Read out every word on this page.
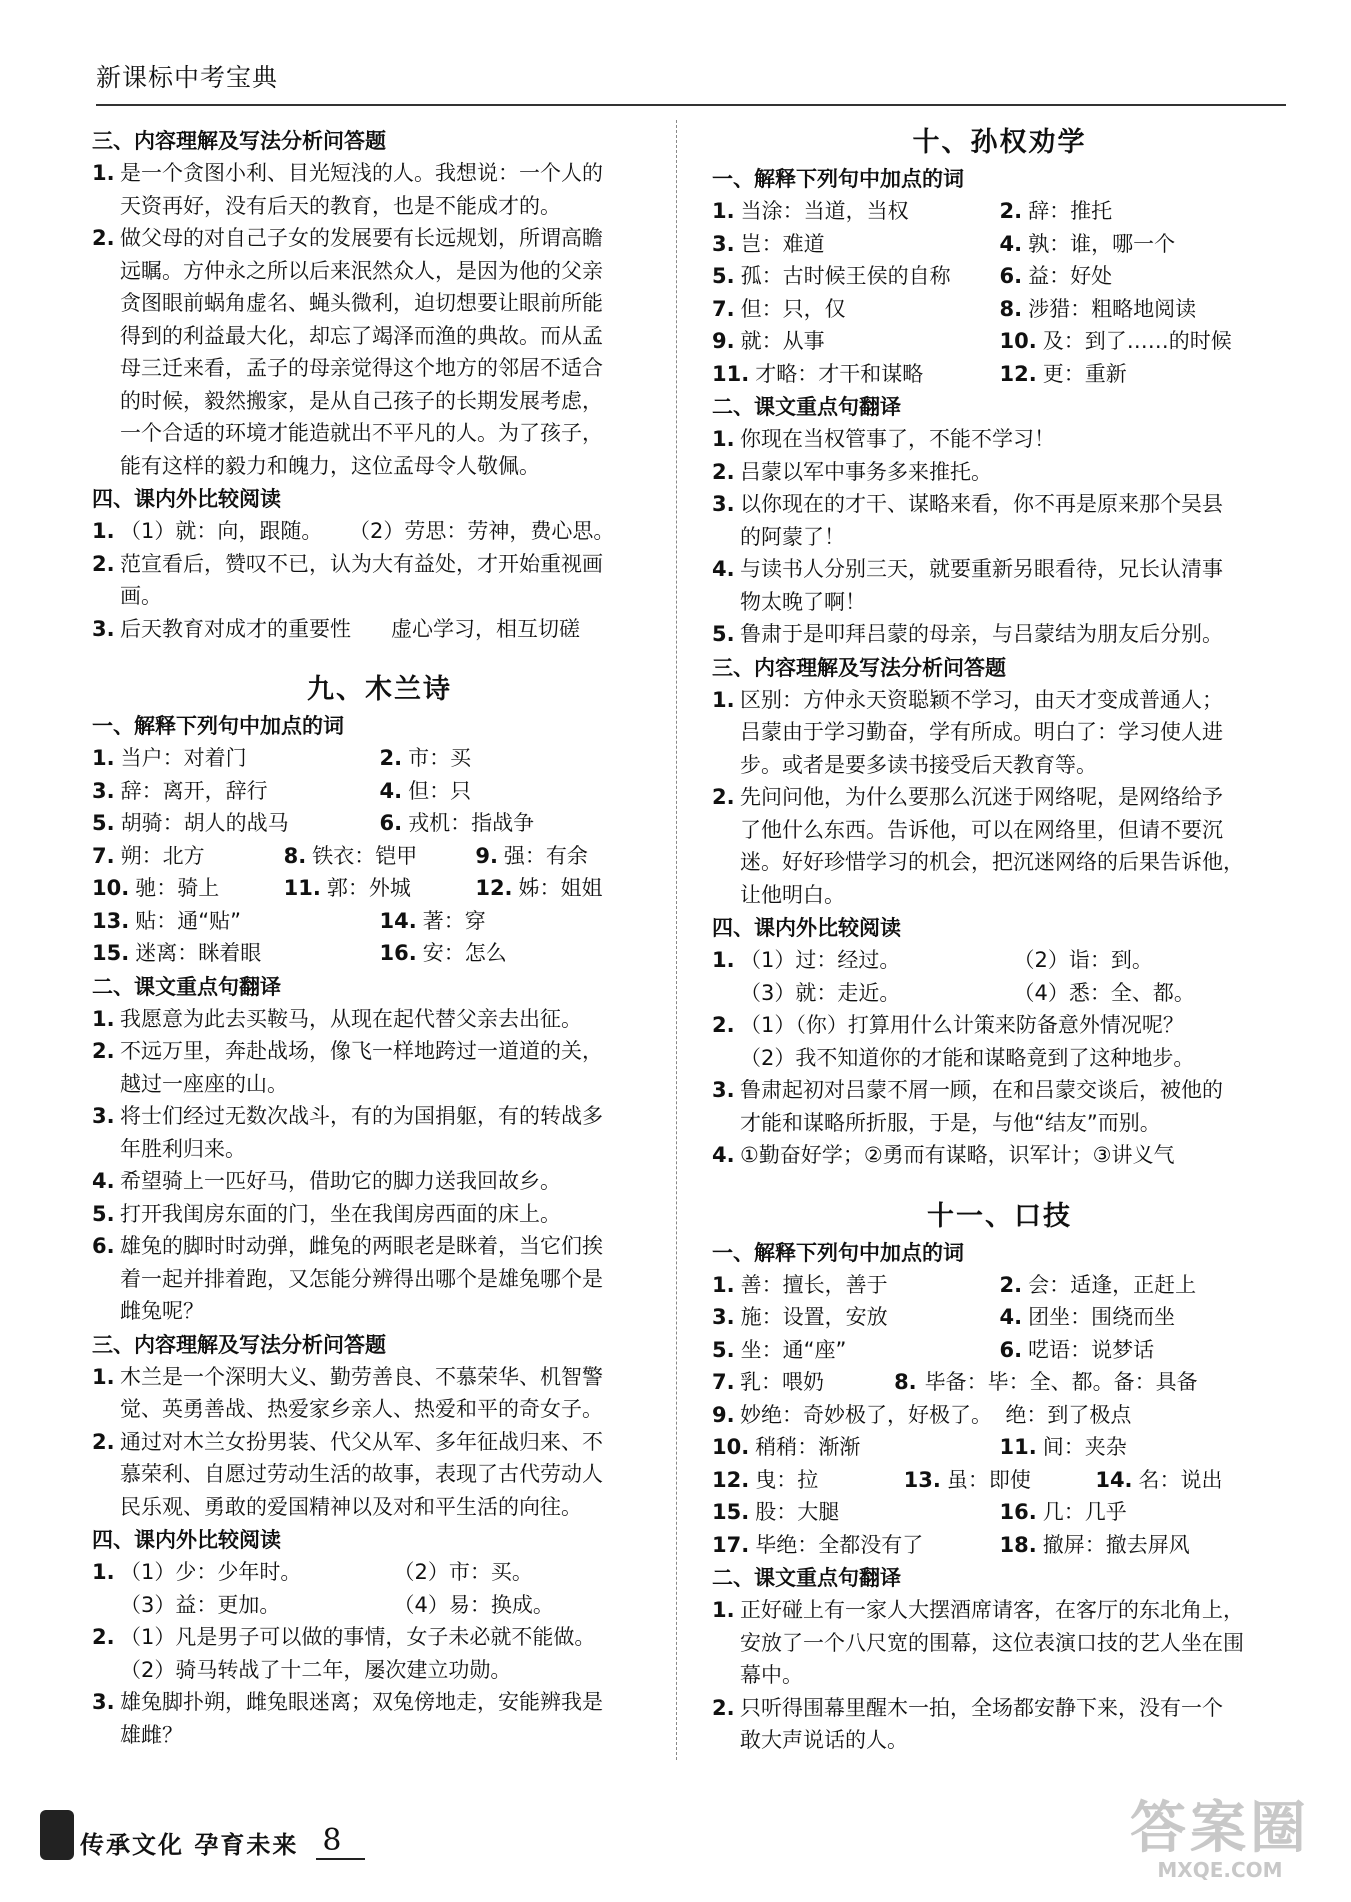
新课标中考宝典
三、内容理解及写法分析问答题
1. 是一个贪图小利、目光短浅的人。我想说：一个人的
天资再好，没有后天的教育，也是不能成才的。
2. 做父母的对自己子女的发展要有长远规划，所谓高瞻
远瞩。方仲永之所以后来泯然众人，是因为他的父亲
贪图眼前蜗角虚名、蝇头微利，迫切想要让眼前所能
得到的利益最大化，却忘了竭泽而渔的典故。而从孟
母三迁来看，孟子的母亲觉得这个地方的邻居不适合
的时候，毅然搬家，是从自己孩子的长期发展考虑，
一个合适的环境才能造就出不平凡的人。为了孩子，
能有这样的毅力和魄力，这位孟母令人敬佩。
四、课内外比较阅读
1. （1）就：向，跟随。    （2）劳思：劳神，费心思。
2. 范宣看后，赞叹不已，认为大有益处，才开始重视画
画。
3. 后天教育对成才的重要性      虚心学习，相互切磋
九、木兰诗
一、解释下列句中加点的词
1. 当户：对着门	2. 市：买
3. 辞：离开，辞行	4. 但：只
5. 胡骑：胡人的战马	6. 戎机：指战争
7. 朔：北方	8. 铁衣：铠甲	9. 强：有余
10. 驰：骑上	11. 郭：外城	12. 姊：姐姐
13. 贴：通“贴”	14. 著：穿
15. 迷离：眯着眼	16. 安：怎么
二、课文重点句翻译
1. 我愿意为此去买鞍马，从现在起代替父亲去出征。
2. 不远万里，奔赴战场，像飞一样地跨过一道道的关，
越过一座座的山。
3. 将士们经过无数次战斗，有的为国捐躯，有的转战多
年胜利归来。
4. 希望骑上一匹好马，借助它的脚力送我回故乡。
5. 打开我闺房东面的门，坐在我闺房西面的床上。
6. 雄兔的脚时时动弹，雌兔的两眼老是眯着，当它们挨
着一起并排着跑，又怎能分辨得出哪个是雄兔哪个是
雌兔呢？
三、内容理解及写法分析问答题
1. 木兰是一个深明大义、勤劳善良、不慕荣华、机智警
觉、英勇善战、热爱家乡亲人、热爱和平的奇女子。
2. 通过对木兰女扮男装、代父从军、多年征战归来、不
慕荣利、自愿过劳动生活的故事，表现了古代劳动人
民乐观、勇敢的爱国精神以及对和平生活的向往。
四、课内外比较阅读
1. （1）少：少年时。	（2）市：买。
（3）益：更加。	（4）易：换成。
2. （1）凡是男子可以做的事情，女子未必就不能做。
（2）骑马转战了十二年，屡次建立功勋。
3. 雄兔脚扑朔，雌兔眼迷离；双兔傍地走，安能辨我是
雄雌？
十、孙权劝学
一、解释下列句中加点的词
1. 当涂：当道，当权	2. 辞：推托
3. 岂：难道	4. 孰：谁，哪一个
5. 孤：古时候王侯的自称 6. 益：好处
7. 但：只，仅	8. 涉猎：粗略地阅读
9. 就：从事	10. 及：到了……的时候
11. 才略：才干和谋略	12. 更：重新
二、课文重点句翻译
1. 你现在当权管事了，不能不学习！
2. 吕蒙以军中事务多来推托。
3. 以你现在的才干、谋略来看，你不再是原来那个吴县
的阿蒙了！
4. 与读书人分别三天，就要重新另眼看待，兄长认清事
物太晚了啊！
5. 鲁肃于是叩拜吕蒙的母亲，与吕蒙结为朋友后分别。
三、内容理解及写法分析问答题
1. 区别：方仲永天资聪颖不学习，由天才变成普通人；
吕蒙由于学习勤奋，学有所成。明白了：学习使人进
步。或者是要多读书接受后天教育等。
2. 先问问他，为什么要那么沉迷于网络呢，是网络给予
了他什么东西。告诉他，可以在网络里，但请不要沉
迷。好好珍惜学习的机会，把沉迷网络的后果告诉他，
让他明白。
四、课内外比较阅读
1. （1）过：经过。	（2）诣：到。
（3）就：走近。	（4）悉：全、都。
2. （1）（你）打算用什么计策来防备意外情况呢？
（2）我不知道你的才能和谋略竟到了这种地步。
3. 鲁肃起初对吕蒙不屑一顾，在和吕蒙交谈后，被他的
才能和谋略所折服，于是，与他“结友”而别。
4. ①勤奋好学；②勇而有谋略，识军计；③讲义气
十一、口技
一、解释下列句中加点的词
1. 善：擅长，善于	2. 会：适逢，正赶上
3. 施：设置，安放	4. 团坐：围绕而坐
5. 坐：通“座”	6. 呓语：说梦话
7. 乳：喂奶 8. 毕备：毕：全、都。备：具备
9. 妙绝：奇妙极了，好极了。  绝：到了极点
10. 稍稍：渐渐	11. 间：夹杂
12. 曳：拉	13. 虽：即使	14. 名：说出
15. 股：大腿	16. 几：几乎
17. 毕绝：全都没有了	18. 撤屏：撤去屏风
二、课文重点句翻译
1. 正好碰上有一家人大摆酒席请客，在客厅的东北角上，
安放了一个八尺宽的围幕，这位表演口技的艺人坐在围
幕中。
2. 只听得围幕里醒木一拍，全场都安静下来，没有一个
敢大声说话的人。
传承文化 孕育未来 8	答案圈
MXQE.COM
